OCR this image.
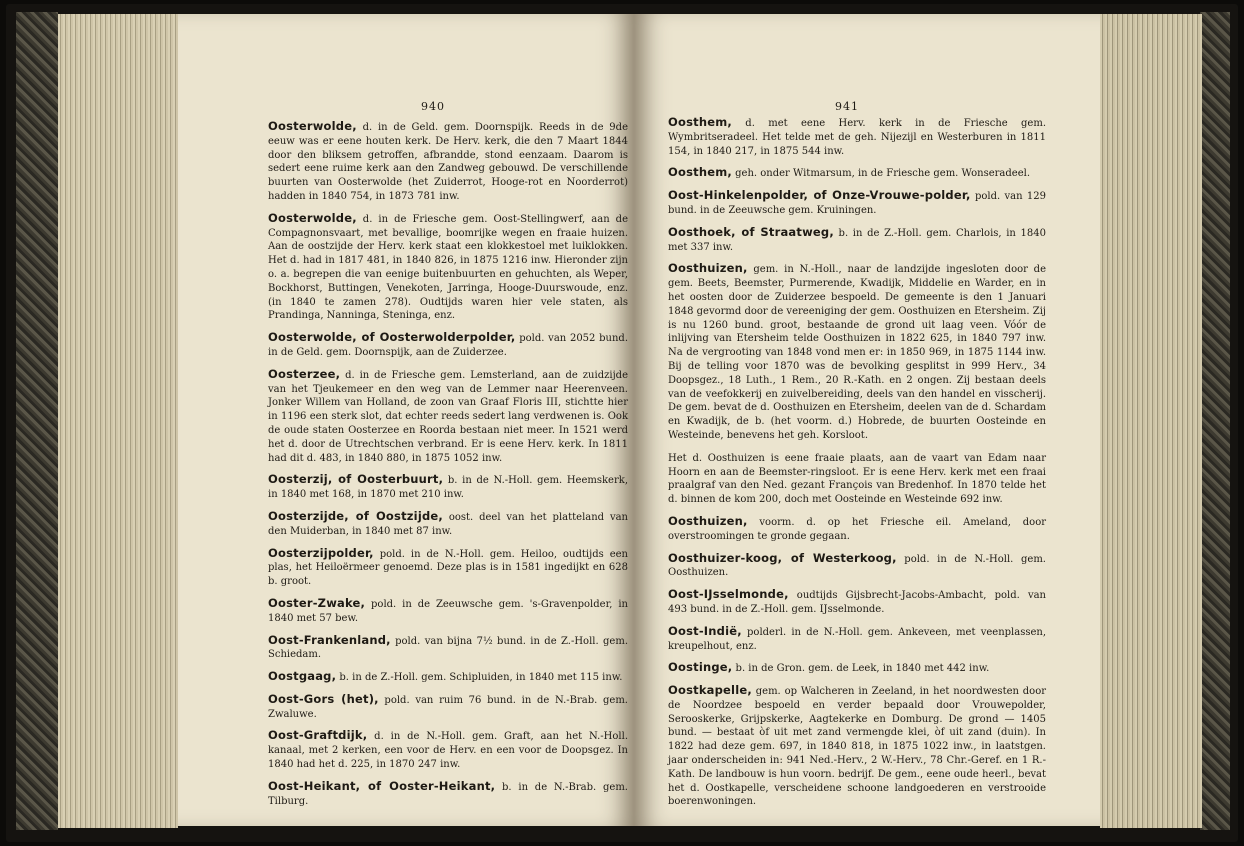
940

Oosterwolde, d. in de Geld. gem. Doornspijk. Reeds in de 9de eeuw was er eene houten kerk. De Herv. kerk, die den 7 Maart 1844 door den bliksem getroffen, afbrandde, stond eenzaam. Daarom is sedert eene ruime kerk aan den Zandweg gebouwd. De verschillende buurten van Oosterwolde (het Zuiderrot, Hooge-rot en Noorderrot) hadden in 1840 754, in 1873 781 inw.

Oosterwolde, d. in de Friesche gem. Oost-Stellingwerf, aan de Compagnonsvaart, met bevallige, boomrijke wegen en fraaie huizen. Aan de oostzijde der Herv. kerk staat een klokkestoel met luiklokken. Het d. had in 1817 481, in 1840 826, in 1875 1216 inw. Hieronder zijn o. a. begrepen die van eenige buitenbuurten en gehuchten, als Weper, Bockhorst, Buttingen, Venekoten, Jarringa, Hooge-Duurswoude, enz. (in 1840 te zamen 278). Oudtijds waren hier vele staten, als Prandinga, Nanninga, Steninga, enz.

Oosterwolde, of Oosterwolderpolder, pold. van 2052 bund. in de Geld. gem. Doornspijk, aan de Zuiderzee.

Oosterzee, d. in de Friesche gem. Lemsterland, aan de zuidzijde van het Tjeukemeer en den weg van de Lemmer naar Heerenveen. Jonker Willem van Holland, de zoon van Graaf Floris III, stichtte hier in 1196 een sterk slot, dat echter reeds sedert lang verdwenen is. Ook de oude staten Oosterzee en Roorda bestaan niet meer. In 1521 werd het d. door de Utrechtschen verbrand. Er is eene Herv. kerk. In 1811 had dit d. 483, in 1840 880, in 1875 1052 inw.

Oosterzij, of Oosterbuurt, b. in de N.-Holl. gem. Heemskerk, in 1840 met 168, in 1870 met 210 inw.

Oosterzijde, of Oostzijde, oost. deel van het platteland van den Muiderban, in 1840 met 87 inw.

Oosterzijpolder, pold. in de N.-Holl. gem. Heiloo, oudtijds een plas, het Heiloërmeer genoemd. Deze plas is in 1581 ingedijkt en 628 b. groot.

Ooster-Zwake, pold. in de Zeeuwsche gem. 's-Gravenpolder, in 1840 met 57 bew.

Oost-Frankenland, pold. van bijna 7½ bund. in de Z.-Holl. gem. Schiedam.

Oostgaag, b. in de Z.-Holl. gem. Schipluiden, in 1840 met 115 inw.

Oost-Gors (het), pold. van ruim 76 bund. in de N.-Brab. gem. Zwaluwe.

Oost-Graftdijk, d. in de N.-Holl. gem. Graft, aan het N.-Holl. kanaal, met 2 kerken, een voor de Herv. en een voor de Doopsgez. In 1840 had het d. 225, in 1870 247 inw.

Oost-Heikant, of Ooster-Heikant, b. in de N.-Brab. gem. Tilburg.

941

Oosthem, d. met eene Herv. kerk in de Friesche gem. Wymbritseradeel. Het telde met de geh. Nijezijl en Westerburen in 1811 154, in 1840 217, in 1875 544 inw.

Oosthem, geh. onder Witmarsum, in de Friesche gem. Wonseradeel.

Oost-Hinkelenpolder, of Onze-Vrouwe-polder, pold. van 129 bund. in de Zeeuwsche gem. Kruiningen.

Oosthoek, of Straatweg, b. in de Z.-Holl. gem. Charlois, in 1840 met 337 inw.

Oosthuizen, gem. in N.-Holl., naar de landzijde ingesloten door de gem. Beets, Beemster, Purmerende, Kwadijk, Middelie en Warder, en in het oosten door de Zuiderzee bespoeld. De gemeente is den 1 Januari 1848 gevormd door de vereeniging der gem. Oosthuizen en Etersheim. Zij is nu 1260 bund. groot, bestaande de grond uit laag veen. Vóór de inlijving van Etersheim telde Oosthuizen in 1822 625, in 1840 797 inw. Na de vergrooting van 1848 vond men er: in 1850 969, in 1875 1144 inw. Bij de telling voor 1870 was de bevolking gesplitst in 999 Herv., 34 Doopsgez., 18 Luth., 1 Rem., 20 R.-Kath. en 2 ongen. Zij bestaan deels van de veefokkerij en zuivelbereiding, deels van den handel en visscherij. De gem. bevat de d. Oosthuizen en Etersheim, deelen van de d. Schardam en Kwadijk, de b. (het voorm. d.) Hobrede, de buurten Oosteinde en Westeinde, benevens het geh. Korsloot.

Het d. Oosthuizen is eene fraaie plaats, aan de vaart van Edam naar Hoorn en aan de Beemster-ringsloot. Er is eene Herv. kerk met een fraai praalgraf van den Ned. gezant François van Bredenhof. In 1870 telde het d. binnen de kom 200, doch met Oosteinde en Westeinde 692 inw.

Oosthuizen, voorm. d. op het Friesche eil. Ameland, door overstroomingen te gronde gegaan.

Oosthuizer-koog, of Westerkoog, pold. in de N.-Holl. gem. Oosthuizen.

Oost-IJsselmonde, oudtijds Gijsbrecht-Jacobs-Ambacht, pold. van 493 bund. in de Z.-Holl. gem. IJsselmonde.

Oost-Indië, polderl. in de N.-Holl. gem. Ankeveen, met veenplassen, kreupelhout, enz.

Oostinge, b. in de Gron. gem. de Leek, in 1840 met 442 inw.

Oostkapelle, gem. op Walcheren in Zeeland, in het noordwesten door de Noordzee bespoeld en verder bepaald door Vrouwepolder, Serooskerke, Grijpskerke, Aagtekerke en Domburg. De grond — 1405 bund. — bestaat òf uit met zand vermengde klei, òf uit zand (duin). In 1822 had deze gem. 697, in 1840 818, in 1875 1022 inw., in laatstgen. jaar onderscheiden in: 941 Ned.-Herv., 2 W.-Herv., 78 Chr.-Geref. en 1 R.-Kath. De landbouw is hun voorn. bedrijf. De gem., eene oude heerl., bevat het d. Oostkapelle, verscheidene schoone landgoederen en verstrooide boerenwoningen.
